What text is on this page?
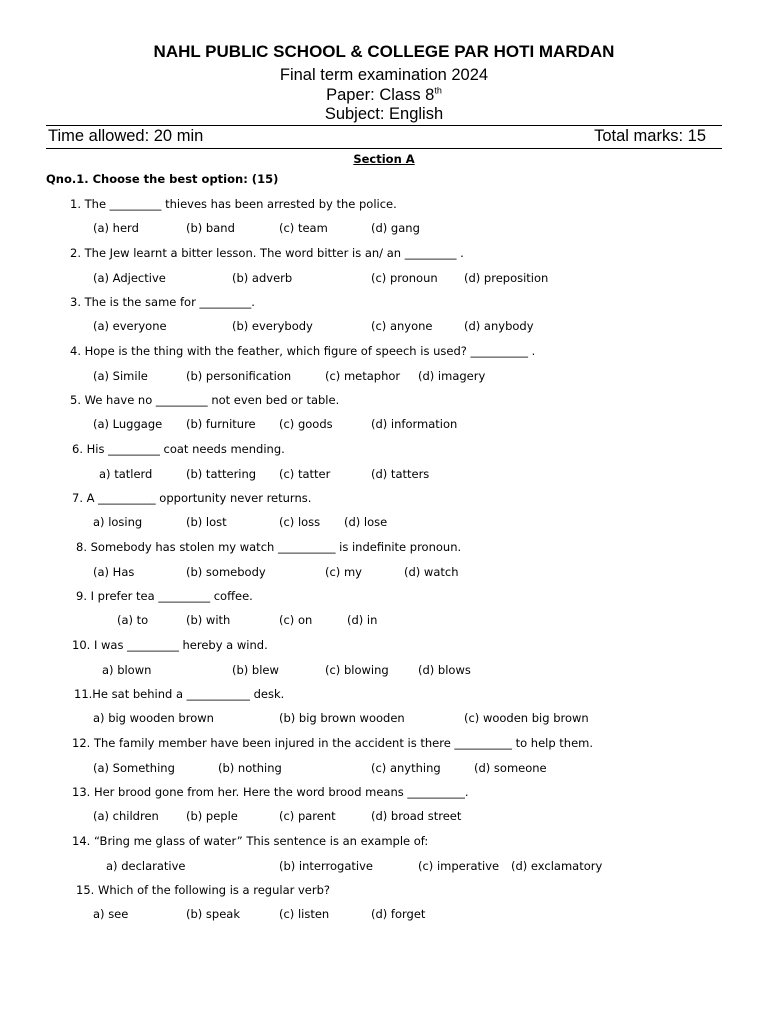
NAHL PUBLIC SCHOOL & COLLEGE PAR HOTI MARDAN
Final term examination 2024
Paper: Class 8th
Subject: English
Time allowed: 20 min	Total marks: 15
Section A
Qno.1. Choose the best option: (15)
1. The _________ thieves has been arrested by the police.
(a) herd	(b) band	(c) team	(d) gang
2. The Jew learnt a bitter lesson. The word bitter is an/ an _________ .
(a) Adjective	(b) adverb	(c) pronoun (d) preposition
3. The is the same for _________.
(a) everyone	(b) everybody	(c) anyone	(d) anybody
4. Hope is the thing with the feather, which figure of speech is used? __________ .
(a) Simile	(b) personification	(c) metaphor (d) imagery
5. We have no _________ not even bed or table.
(a) Luggage (b) furniture (c) goods	(d) information
6. His _________ coat needs mending.
a) tatlerd	(b) tattering (c) tatter	(d) tatters
7. A __________ opportunity never returns.
a) losing	(b) lost	(c) loss (d) lose
8. Somebody has stolen my watch __________ is indefinite pronoun.
(a) Has	(b) somebody	(c) my	(d) watch
9. I prefer tea _________ coffee.
(a) to	(b) with	(c) on	(d) in
10. I was _________ hereby a wind.
a) blown	(b) blew	(c) blowing	(d) blows
11.He sat behind a ___________ desk.
a) big wooden brown	(b) big brown wooden	(c) wooden big brown
12. The family member have been injured in the accident is there __________ to help them.
(a) Something	(b) nothing	(c) anything	(d) someone
13. Her brood gone from her. Here the word brood means __________.
(a) children (b) peple	(c) parent	(d) broad street
14. “Bring me glass of water” This sentence is an example of:
a) declarative	(b) interrogative	(c) imperative (d) exclamatory
15. Which of the following is a regular verb?
a) see	(b) speak	(c) listen	(d) forget
